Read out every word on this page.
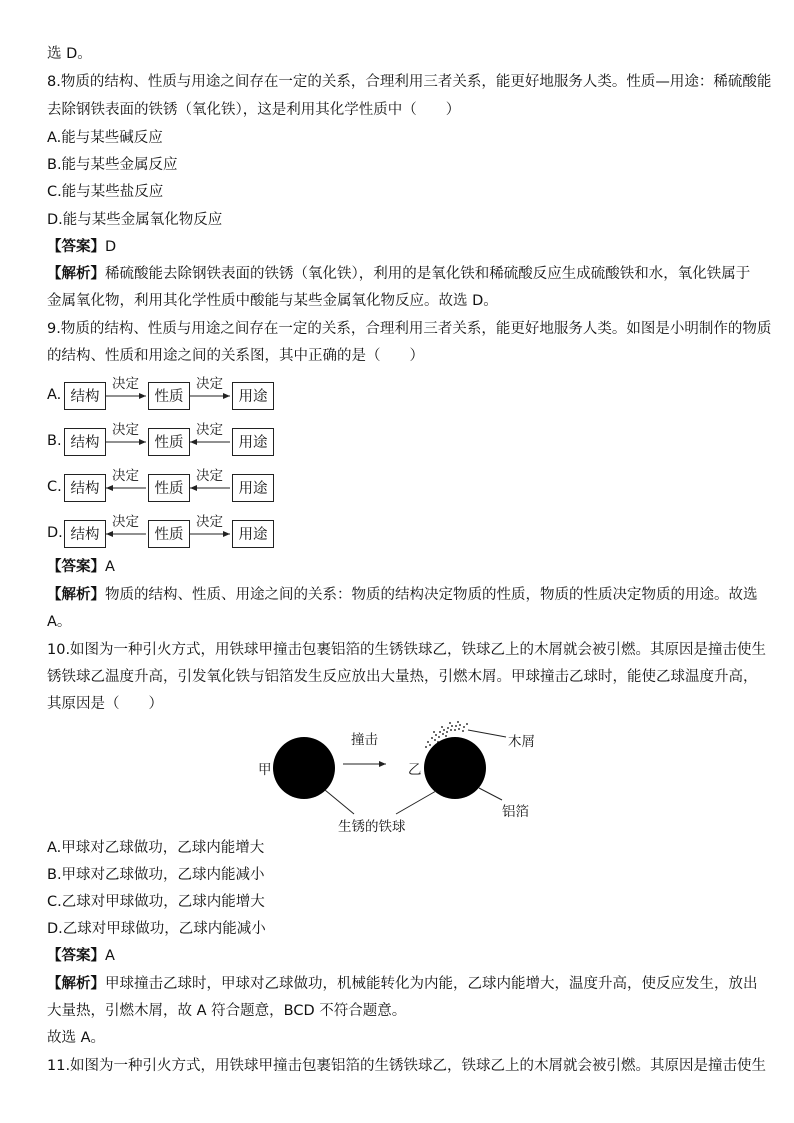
选 D。
8.物质的结构、性质与用途之间存在一定的关系，合理利用三者关系，能更好地服务人类。性质—用途：稀硫酸能
去除钢铁表面的铁锈（氧化铁），这是利用其化学性质中（　　）
A.能与某些碱反应
B.能与某些金属反应
C.能与某些盐反应
D.能与某些金属氧化物反应
【答案】D
【解析】稀硫酸能去除钢铁表面的铁锈（氧化铁），利用的是氧化铁和稀硫酸反应生成硫酸铁和水，氧化铁属于
金属氧化物，利用其化学性质中酸能与某些金属氧化物反应。故选 D。
9.物质的结构、性质与用途之间存在一定的关系，合理利用三者关系，能更好地服务人类。如图是小明制作的物质
的结构、性质和用途之间的关系图，其中正确的是（　　）
A. 结构	性质	用途
决定	决定
B. 结构	性质	用途
决定	决定
C. 结构	性质	用途
决定	决定
D. 结构	性质	用途
决定	决定
【答案】A
【解析】物质的结构、性质、用途之间的关系：物质的结构决定物质的性质，物质的性质决定物质的用途。故选
A。
10.如图为一种引火方式，用铁球甲撞击包裹铝箔的生锈铁球乙，铁球乙上的木屑就会被引燃。其原因是撞击使生
锈铁球乙温度升高，引发氧化铁与铝箔发生反应放出大量热，引燃木屑。甲球撞击乙球时，能使乙球温度升高，
其原因是（　　）
甲	乙
撞击	木屑
生锈的铁球
铝箔
A.甲球对乙球做功，乙球内能增大
B.甲球对乙球做功，乙球内能减小
C.乙球对甲球做功，乙球内能增大
D.乙球对甲球做功，乙球内能减小
【答案】A
【解析】甲球撞击乙球时，甲球对乙球做功，机械能转化为内能，乙球内能增大，温度升高，使反应发生，放出
大量热，引燃木屑，故 A 符合题意，BCD 不符合题意。
故选 A。
11.如图为一种引火方式，用铁球甲撞击包裹铝箔的生锈铁球乙，铁球乙上的木屑就会被引燃。其原因是撞击使生
